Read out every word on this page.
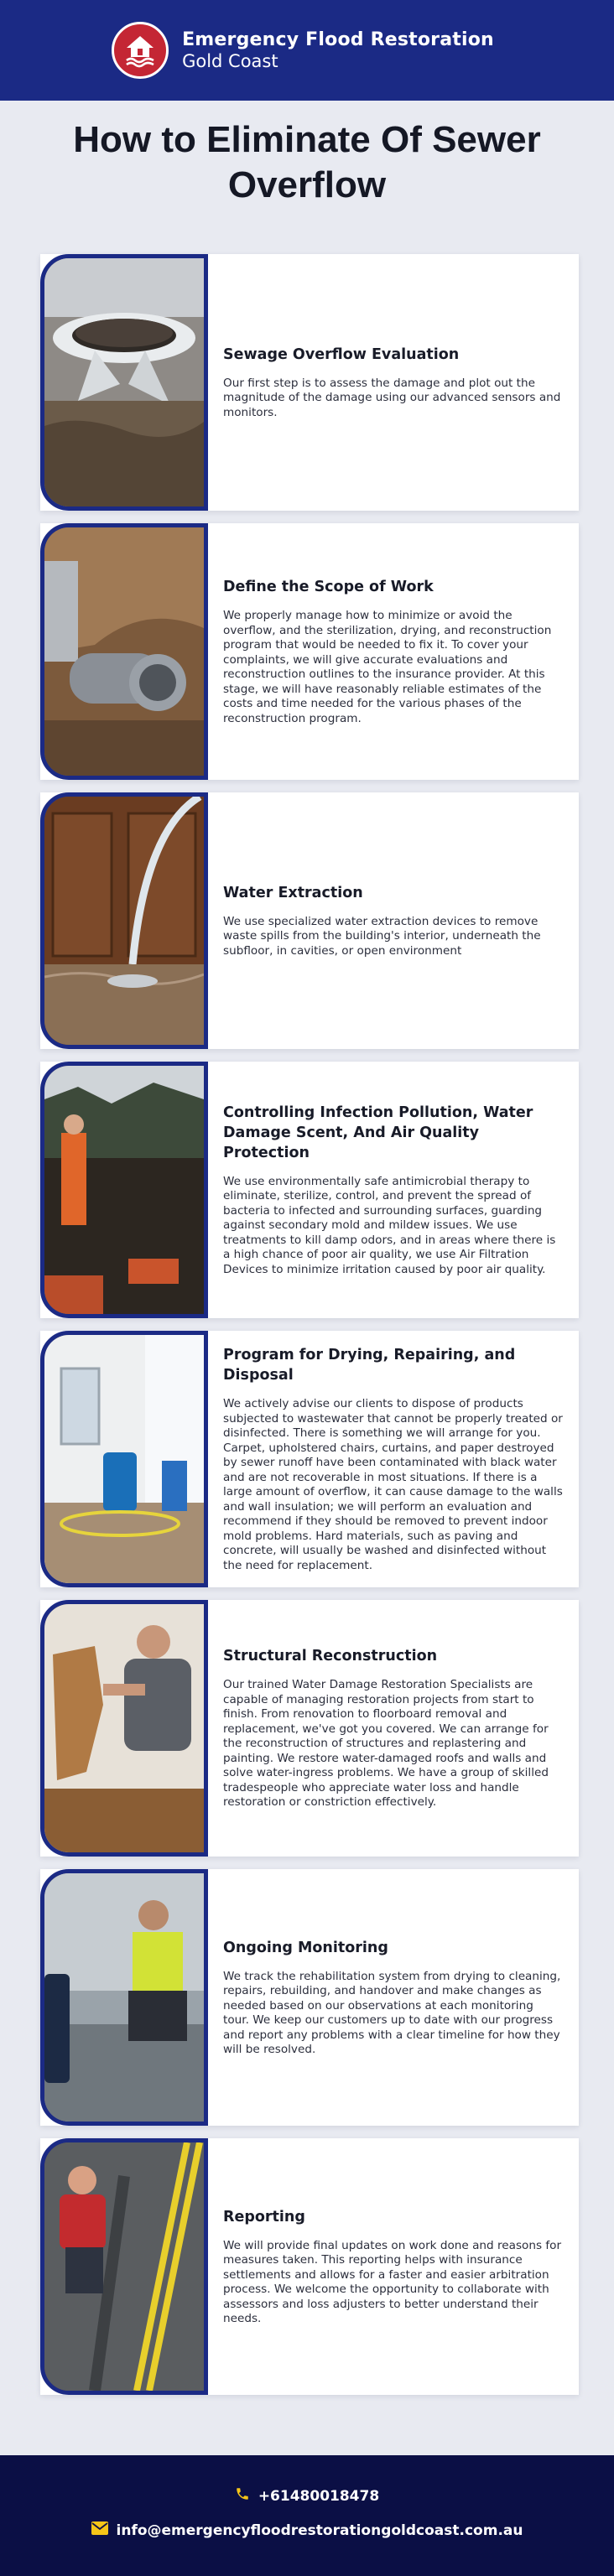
Emergency Flood Restoration
Gold Coast
How to Eliminate Of Sewer Overflow
Sewage Overflow Evaluation

Our first step is to assess the damage and plot out the magnitude of the damage using our advanced sensors and monitors.

Define the Scope of Work

We properly manage how to minimize or avoid the overflow, and the sterilization, drying, and reconstruction program that would be needed to fix it. To cover your complaints, we will give accurate evaluations and reconstruction outlines to the insurance provider. At this stage, we will have reasonably reliable estimates of the costs and time needed for the various phases of the reconstruction program.

Water Extraction

We use specialized water extraction devices to remove waste spills from the building's interior, underneath the subfloor, in cavities, or open environment

Controlling Infection Pollution, Water Damage Scent, And Air Quality Protection

We use environmentally safe antimicrobial therapy to eliminate, sterilize, control, and prevent the spread of bacteria to infected and surrounding surfaces, guarding against secondary mold and mildew issues. We use treatments to kill damp odors, and in areas where there is a high chance of poor air quality, we use Air Filtration Devices to minimize irritation caused by poor air quality.

Program for Drying, Repairing, and Disposal

We actively advise our clients to dispose of products subjected to wastewater that cannot be properly treated or disinfected. There is something we will arrange for you. Carpet, upholstered chairs, curtains, and paper destroyed by sewer runoff have been contaminated with black water and are not recoverable in most situations. If there is a large amount of overflow, it can cause damage to the walls and wall insulation; we will perform an evaluation and recommend if they should be removed to prevent indoor mold problems. Hard materials, such as paving and concrete, will usually be washed and disinfected without the need for replacement.

Structural Reconstruction

Our trained Water Damage Restoration Specialists are capable of managing restoration projects from start to finish. From renovation to floorboard removal and replacement, we've got you covered. We can arrange for the reconstruction of structures and replastering and painting. We restore water-damaged roofs and walls and solve water-ingress problems. We have a group of skilled tradespeople who appreciate water loss and handle restoration or constriction effectively.

Ongoing Monitoring

We track the rehabilitation system from drying to cleaning, repairs, rebuilding, and handover and make changes as needed based on our observations at each monitoring tour. We keep our customers up to date with our progress and report any problems with a clear timeline for how they will be resolved.

Reporting

We will provide final updates on work done and reasons for measures taken. This reporting helps with insurance settlements and allows for a faster and easier arbitration process. We welcome the opportunity to collaborate with assessors and loss adjusters to better understand their needs.

+61480018478
info@emergencyfloodrestorationgoldcoast.com.au
